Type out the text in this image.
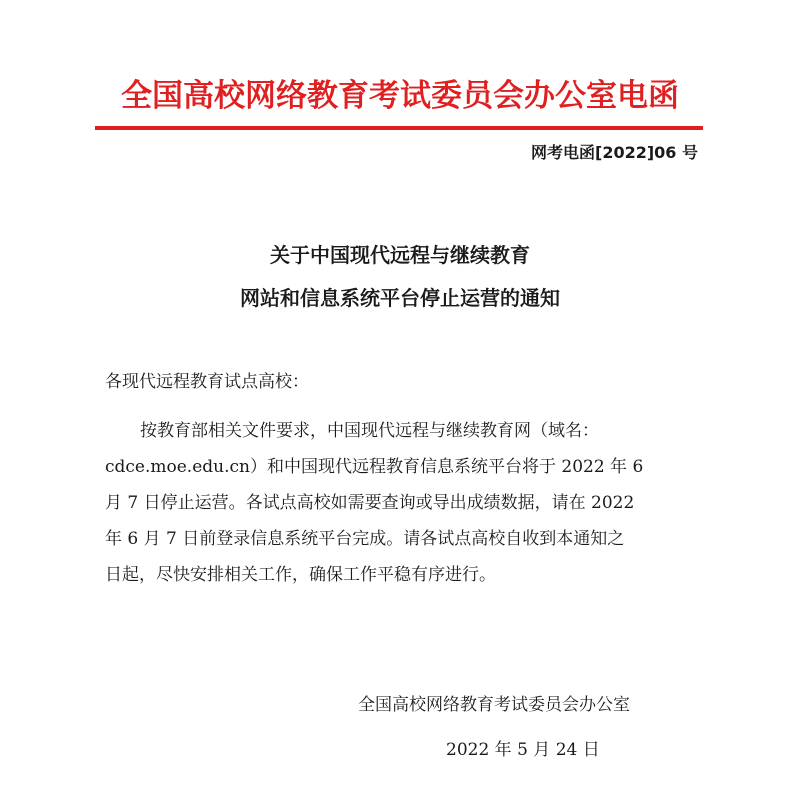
全国高校网络教育考试委员会办公室电函
网考电函[2022]06 号
关于中国现代远程与继续教育
网站和信息系统平台停止运营的通知
各现代远程教育试点高校：
按教育部相关文件要求，中国现代远程与继续教育网（域名：
cdce.moe.edu.cn）和中国现代远程教育信息系统平台将于 2022 年 6
月 7 日停止运营。各试点高校如需要查询或导出成绩数据，请在 2022
年 6 月 7 日前登录信息系统平台完成。请各试点高校自收到本通知之
日起，尽快安排相关工作，确保工作平稳有序进行。
全国高校网络教育考试委员会办公室
2022 年 5 月 24 日
